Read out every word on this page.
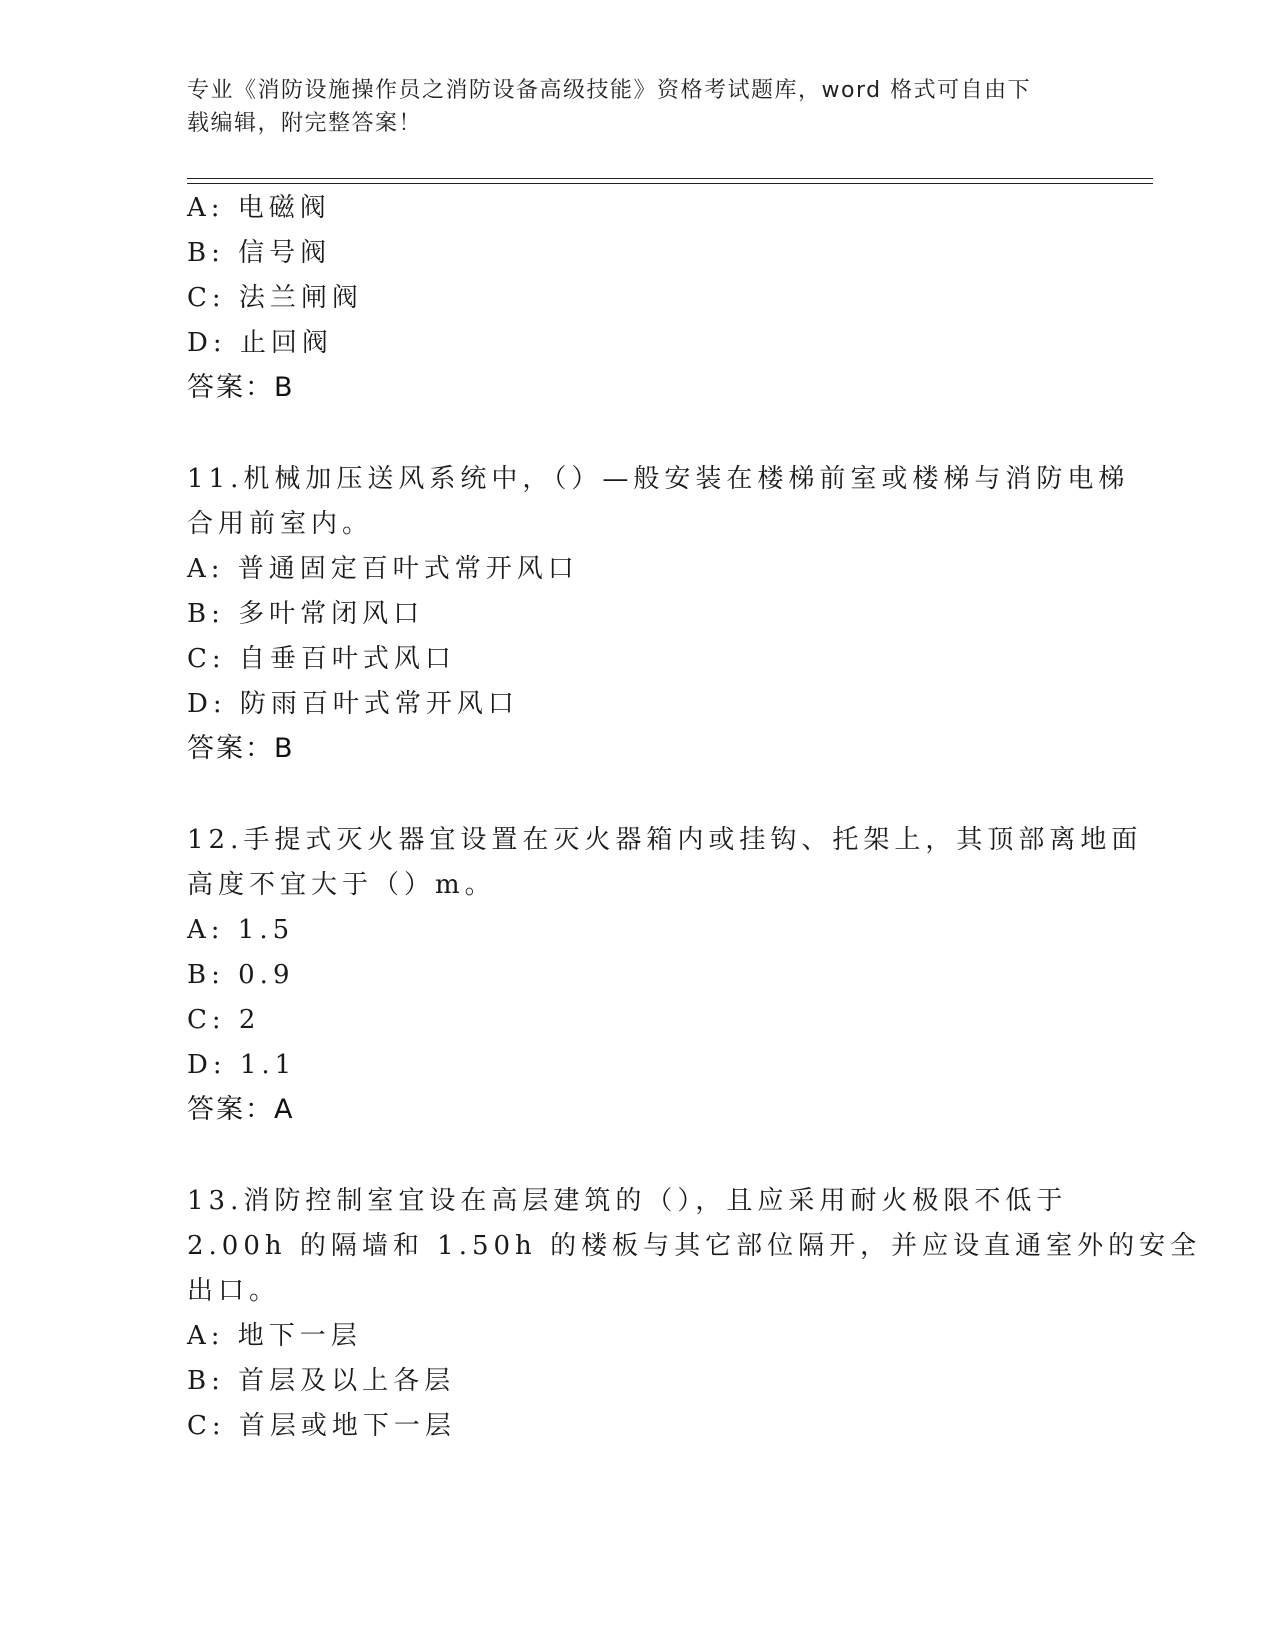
专业《消防设施操作员之消防设备高级技能》资格考试题库，word 格式可自由下
载编辑，附完整答案！
A: 电磁阀
B: 信号阀
C: 法兰闸阀
D: 止回阀
答案：B
11.机械加压送风系统中，（）—般安装在楼梯前室或楼梯与消防电梯
合用前室内。
A: 普通固定百叶式常开风口
B: 多叶常闭风口
C: 自垂百叶式风口
D: 防雨百叶式常开风口
答案：B
12.手提式灭火器宜设置在灭火器箱内或挂钩、托架上，其顶部离地面
高度不宜大于（）m。
A: 1.5
B: 0.9
C: 2
D: 1.1
答案：A
13.消防控制室宜设在高层建筑的（），且应采用耐火极限不低于
2.00h 的隔墙和 1.50h 的楼板与其它部位隔开，并应设直通室外的安全
出口。
A: 地下一层
B: 首层及以上各层
C: 首层或地下一层
